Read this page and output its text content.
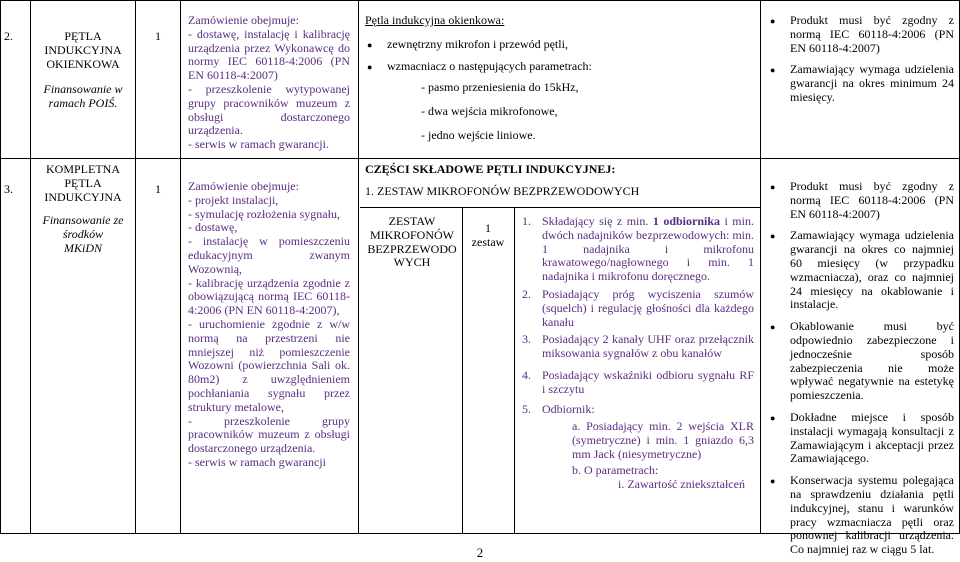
2.	PĘTLA
INDUKCYJNA
OKIENKOWA
Finansowanie w
ramach POIŚ.
1
Zamówienie obejmuje:
- dostawę, instalację i kalibrację urządzenia przez Wykonawcę do normy IEC 60118-4:2006 (PN EN 60118-4:2007)
- przeszkolenie wytypowanej grupy pracowników muzeum z obsługi dostarczonego urządzenia.
- serwis w ramach gwarancji.
Pętla indukcyjna okienkowa:
● zewnętrzny mikrofon i przewód pętli,
● wzmacniacz o następujących parametrach:
- pasmo przeniesienia do 15kHz,
- dwa wejścia mikrofonowe,
- jedno wejście liniowe.
● Produkt musi być zgodny z normą IEC 60118-4:2006 (PN EN 60118-4:2007)
● Zamawiający wymaga udzielenia gwarancji na okres minimum 24 miesięcy.
3.
KOMPLETNA
PĘTLA
INDUKCYJNA
Finansowanie ze
środków
MKiDN
1	Zamówienie obejmuje:
- projekt instalacji,
- symulację rozłożenia sygnału,
- dostawę,
- instalację w pomieszczeniu edukacyjnym zwanym Wozownią,
- kalibrację urządzenia zgodnie z obowiązującą normą IEC 60118-4:2006 (PN EN 60118-4:2007),
- uruchomienie zgodnie z w/w normą na przestrzeni nie mniejszej niż pomieszczenie Wozowni (powierzchnia Sali ok. 80m2) z uwzględnieniem pochłaniania sygnału przez struktury metalowe,
- przeszkolenie grupy pracowników muzeum z obsługi dostarczonego urządzenia.
- serwis w ramach gwarancji
CZĘŚCI SKŁADOWE PĘTLI INDUKCYJNEJ:
1. ZESTAW MIKROFONÓW BEZPRZEWODOWYCH
ZESTAW MIKROFONÓW BEZPRZEWODO WYCH
1
zestaw
1. Składający się z min. 1 odbiornika i min. dwóch nadajników bezprzewodowych: min. 1 nadajnika i mikrofonu krawatowego/nagłownego i min. 1 nadajnika i mikrofonu doręcznego.
2. Posiadający próg wyciszenia szumów (squelch) i regulację głośności dla każdego kanału
3. Posiadający 2 kanały UHF oraz przełącznik miksowania sygnałów z obu kanałów
4. Posiadający wskaźniki odbioru sygnału RF i szczytu
5. Odbiornik:
a. Posiadający min. 2 wejścia XLR (symetryczne) i min. 1 gniazdo 6,3 mm Jack (niesymetryczne)
b. O parametrach:
i. Zawartość zniekształceń
● Produkt musi być zgodny z normą IEC 60118-4:2006 (PN EN 60118-4:2007)
● Zamawiający wymaga udzielenia gwarancji na okres co najmniej 60 miesięcy (w przypadku wzmacniacza), oraz co najmniej 24 miesięcy na okablowanie i instalacje.
● Okablowanie musi być odpowiednio zabezpieczone i jednocześnie sposób zabezpieczenia nie może wpływać negatywnie na estetykę pomieszczenia.
● Dokładne miejsce i sposób instalacji wymagają konsultacji z Zamawiającym i akceptacji przez Zamawiającego.
● Konserwacja systemu polegająca na sprawdzeniu działania pętli indukcyjnej, stanu i warunków pracy wzmacniacza pętli oraz ponownej kalibracji urządzenia. Co najmniej raz w ciągu 5 lat.
2
